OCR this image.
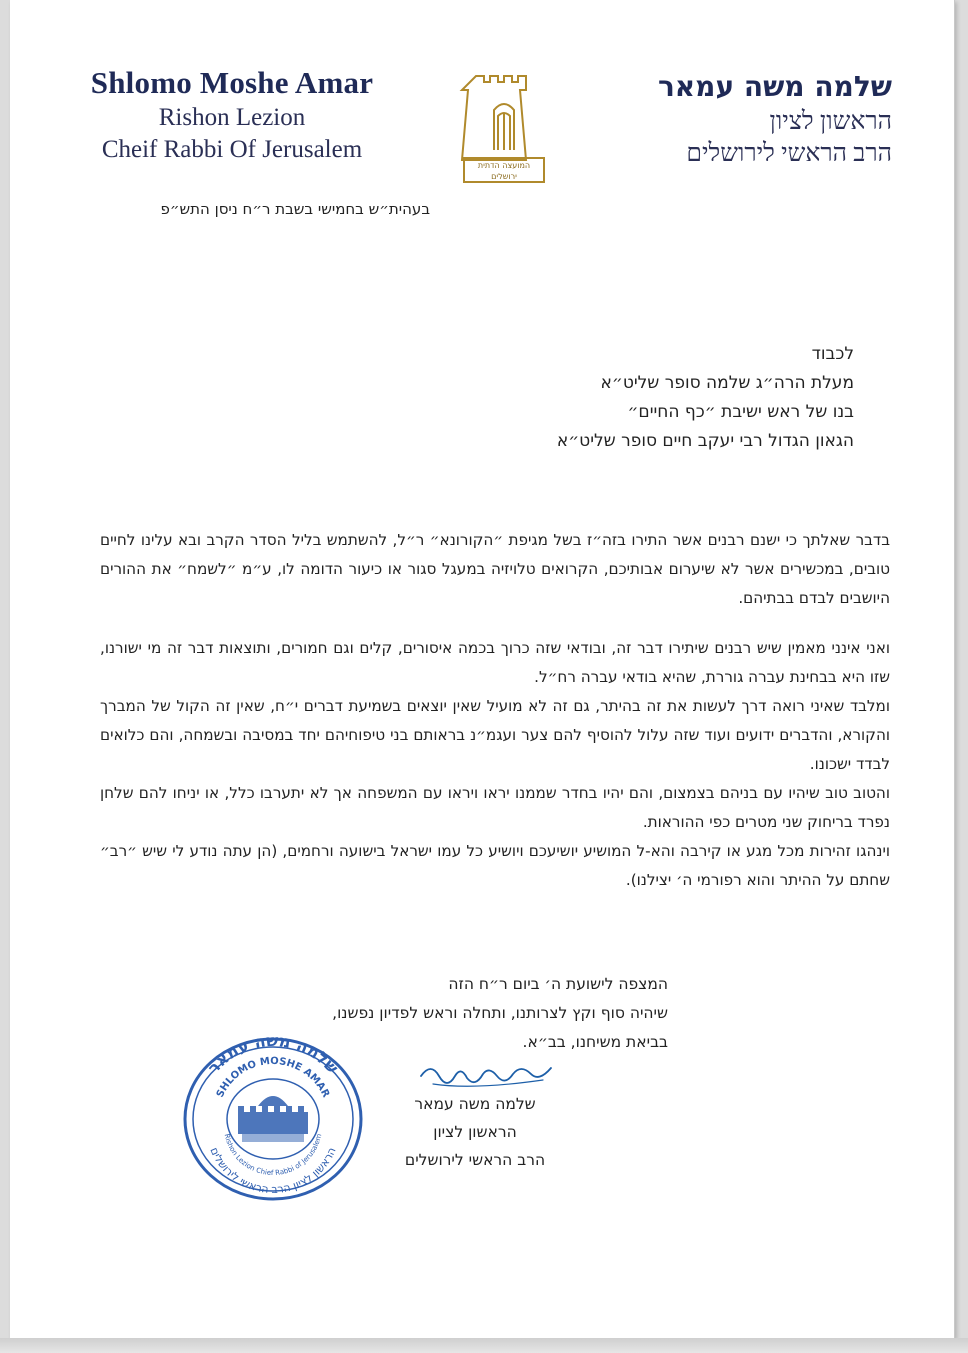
Shlomo Moshe Amar
Rishon Lezion
Cheif Rabbi Of Jerusalem
המועצה הדתית
ירושלים
שלמה משה עמאר
הראשון לציון
הרב הראשי לירושלים
בעהית״ש בחמישי בשבת ר״ח ניסן התש״פ
לכבוד
מעלת הרה״ג שלמה סופר שליט״א
בנו של ראש ישיבת ״כף החיים״
הגאון הגדול רבי יעקב חיים סופר שליט״א

בדבר שאלתך כי ישנם רבנים אשר התירו בזה״ז בשל מגיפת ״הקורונא״ ר״ל, להשתמש בליל הסדר הקרב ובא עלינו לחיים טובים, במכשירים אשר לא שיערום אבותיכם, הקרואים טלויזיה במעגל סגור או כיעור הדומה לו, ע״מ ״לשמח״ את ההורים היושבים לבדם בבתיהם.

ואני אינני מאמין שיש רבנים שיתירו דבר זה, ובודאי שזה כרוך בכמה איסורים, קלים וגם חמורים, ותוצאות דבר זה מי ישורנו, שזו היא בבחינת עברה גוררת, שהיא בודאי עברה רח״ל.

ומלבד שאיני רואה דרך לעשות את זה בהיתר, גם זה לא מועיל שאין יוצאים בשמיעת דברים י״ח, שאין זה הקול של המברך והקורא, והדברים ידועים ועוד שזה עלול להוסיף להם צער ועגמ״נ בראותם בני טיפוחיהם יחד במסיבה ובשמחה, והם כלואים לבדד ישכונו.

והטוב טוב שיהיו עם בניהם בצמצום, והם יהיו בחדר שממנו יראו ויראו עם המשפחה אך לא יתערבו כלל, או יניחו להם שלחן נפרד בריחוק שני מטרים כפי ההוראות.

וינהגו זהירות מכל מגע או קירבה והא-ל המושיע יושיעכם ויושיע כל עמו ישראל בישועה ורחמים, (הן עתה נודע לי שיש ״רב״ שחתם על ההיתר והוא רפורמי ה׳ יצילנו).

המצפה לישועת ה׳ ביום ר״ח הזה
שיהיה סוף וקץ לצרותנו, ותחלה וראש לפדיון נפשנו,
בביאת משיחנו, בב״א.
שלמה משה עמאר
הראשון לציון
הרב הראשי לירושלים
שלמה משה עמאר
SHLOMO MOSHE AMAR
Rishon Lezion Chief Rabbi of Jerusalem
הראשון לציון הרב הראשי לירושלים
